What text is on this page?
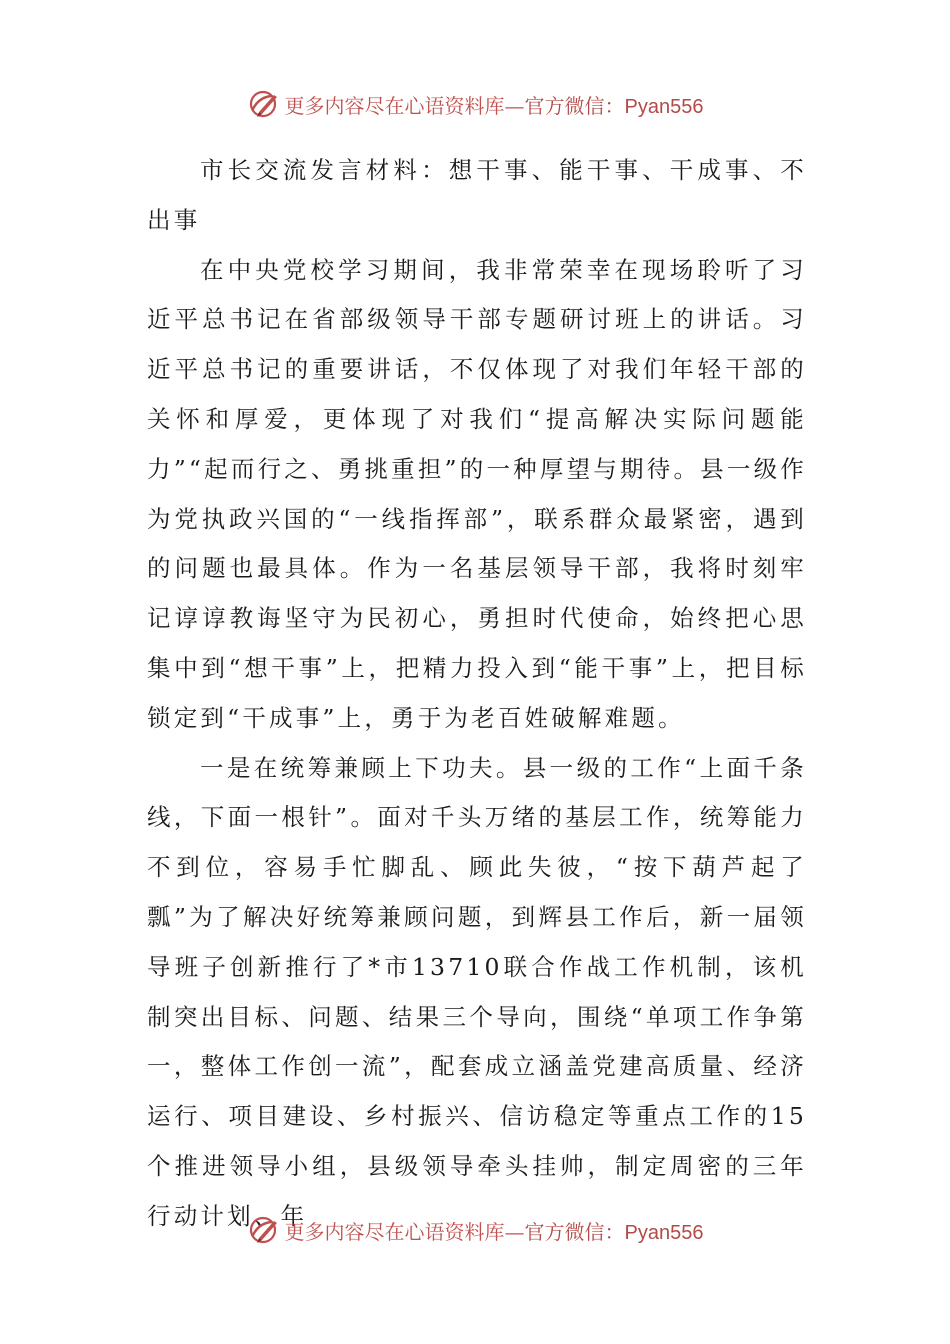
更多内容尽在心语资料库— 官方微信：Pyan556

市长交流发言材料：想干事、能干事、干成事、不出事

在中央党校学习期间，我非常荣幸在现场聆听了习近平总书记在省部级领导干部专题研讨班上的讲话。习近平总书记的重要讲话，不仅体现了对我们年轻干部的关怀和厚爱，更体现了对我们“提高解决实际问题能力”“起而行之、勇挑重担”的一种厚望与期待。县一级作为党执政兴国的“一线指挥部”，联系群众最紧密，遇到的问题也最具体。作为一名基层领导干部，我将时刻牢记谆谆教诲坚守为民初心，勇担时代使命，始终把心思集中到“想干事”上，把精力投入到“能干事”上，把目标锁定到“干成事”上，勇于为老百姓破解难题。

一是在统筹兼顾上下功夫。县一级的工作“上面千条线，下面一根针”。面对千头万绪的基层工作，统筹能力不到位，容易手忙脚乱、顾此失彼，“按下葫芦起了瓢”为了解决好统筹兼顾问题，到辉县工作后，新一届领导班子创新推行了*市13710联合作战工作机制，该机制突出目标、问题、结果三个导向，围绕“单项工作争第一，整体工作创一流”，配套成立涵盖党建高质量、经济运行、项目建设、乡村振兴、信访稳定等重点工作的15个推进领导小组，县级领导牵头挂帅，制定周密的三年行动计划、年

更多内容尽在心语资料库— 官方微信：Pyan556
